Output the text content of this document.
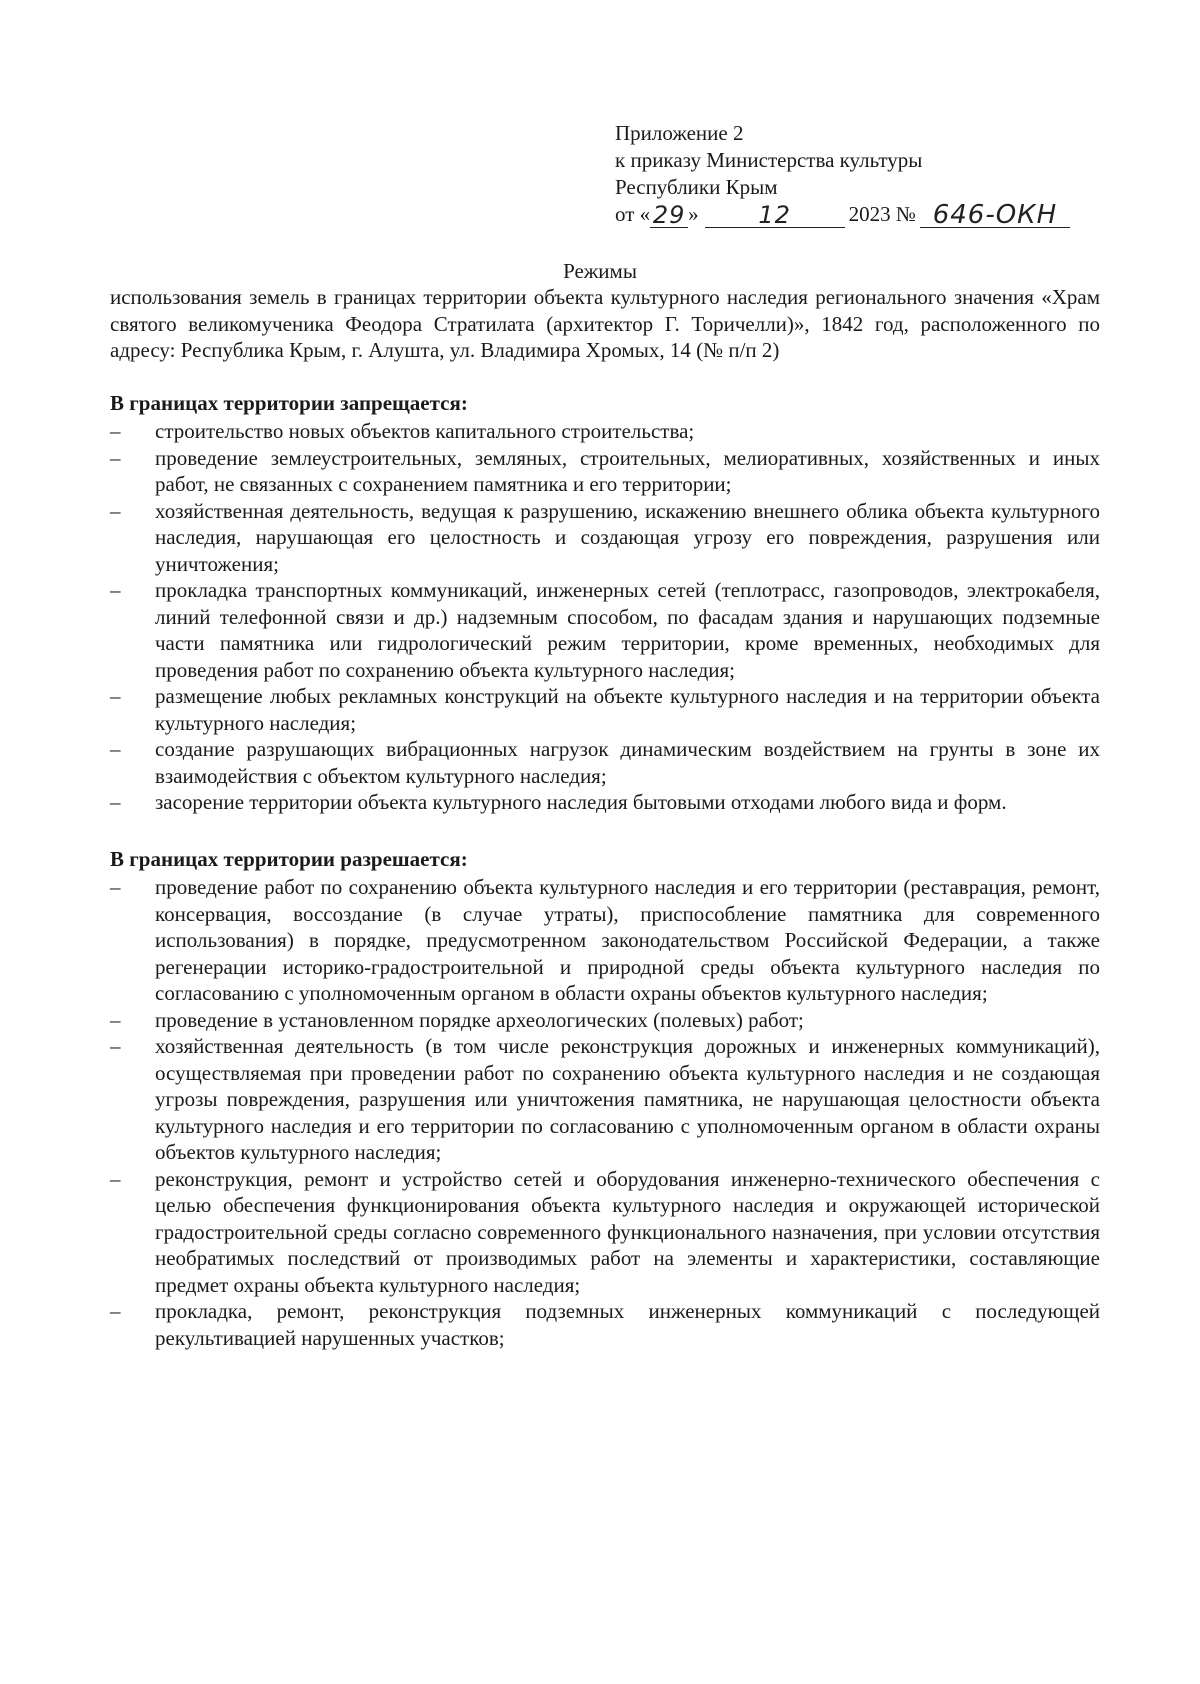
Приложение 2
к приказу Министерства культуры
Республики Крым
от « 29 »	12	2023 № 646-ОКН
Режимы

использования земель в границах территории объекта культурного наследия регионального значения «Храм святого великомученика Феодора Стратилата (архитектор Г. Торичелли)», 1842 год, расположенного по адресу: Республика Крым, г. Алушта, ул. Владимира Хромых, 14 (№ п/п 2)

В границах территории запрещается:
– строительство новых объектов капитального строительства;
– проведение землеустроительных, земляных, строительных, мелиоративных, хозяйственных и иных работ, не связанных с сохранением памятника и его территории;
– хозяйственная деятельность, ведущая к разрушению, искажению внешнего облика объекта культурного наследия, нарушающая его целостность и создающая угрозу его повреждения, разрушения или уничтожения;
– прокладка транспортных коммуникаций, инженерных сетей (теплотрасс, газопроводов, электрокабеля, линий телефонной связи и др.) надземным способом, по фасадам здания и нарушающих подземные части памятника или гидрологический режим территории, кроме временных, необходимых для проведения работ по сохранению объекта культурного наследия;
– размещение любых рекламных конструкций на объекте культурного наследия и на территории объекта культурного наследия;
– создание разрушающих вибрационных нагрузок динамическим воздействием на грунты в зоне их взаимодействия с объектом культурного наследия;
– засорение территории объекта культурного наследия бытовыми отходами любого вида и форм.
В границах территории разрешается:
– проведение работ по сохранению объекта культурного наследия и его территории (реставрация, ремонт, консервация, воссоздание (в случае утраты), приспособление памятника для современного использования) в порядке, предусмотренном законодательством Российской Федерации, а также регенерации историко-градостроительной и природной среды объекта культурного наследия по согласованию с уполномоченным органом в области охраны объектов культурного наследия;
– проведение в установленном порядке археологических (полевых) работ;
– хозяйственная деятельность (в том числе реконструкция дорожных и инженерных коммуникаций), осуществляемая при проведении работ по сохранению объекта культурного наследия и не создающая угрозы повреждения, разрушения или уничтожения памятника, не нарушающая целостности объекта культурного наследия и его территории по согласованию с уполномоченным органом в области охраны объектов культурного наследия;
– реконструкция, ремонт и устройство сетей и оборудования инженерно-технического обеспечения с целью обеспечения функционирования объекта культурного наследия и окружающей исторической градостроительной среды согласно современного функционального назначения, при условии отсутствия необратимых последствий от производимых работ на элементы и характеристики, составляющие предмет охраны объекта культурного наследия;
– прокладка, ремонт, реконструкция подземных инженерных коммуникаций с последующей рекультивацией нарушенных участков;
